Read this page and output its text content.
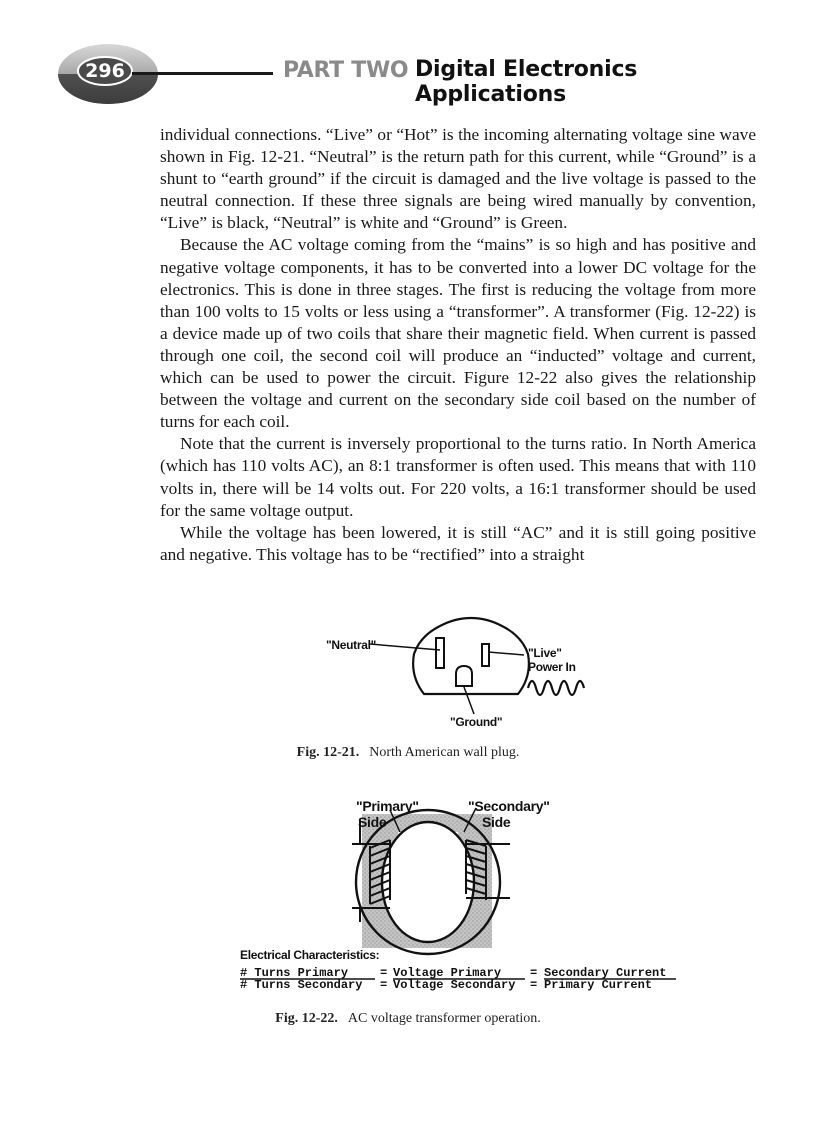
296	PART TWO Digital Electronics Applications

individual connections. “Live” or “Hot” is the incoming alternating voltage sine wave shown in Fig. 12-21. “Neutral” is the return path for this current, while “Ground” is a shunt to “earth ground” if the circuit is damaged and the live voltage is passed to the neutral connection. If these three signals are being wired manually by convention, “Live” is black, “Neutral” is white and “Ground” is Green.

Because the AC voltage coming from the “mains” is so high and has positive and negative voltage components, it has to be converted into a lower DC voltage for the electronics. This is done in three stages. The first is reducing the voltage from more than 100 volts to 15 volts or less using a “transformer”. A transformer (Fig. 12-22) is a device made up of two coils that share their magnetic field. When current is passed through one coil, the second coil will produce an “inducted” voltage and current, which can be used to power the circuit. Figure 12-22 also gives the relationship between the voltage and current on the secondary side coil based on the number of turns for each coil.

Note that the current is inversely proportional to the turns ratio. In North America (which has 110 volts AC), an 8:1 transformer is often used. This means that with 110 volts in, there will be 14 volts out. For 220 volts, a 16:1 transformer should be used for the same voltage output.

While the voltage has been lowered, it is still “AC” and it is still going positive and negative. This voltage has to be “rectified” into a straight

"Neutral"
"Live"
Power In
"Ground"
Fig. 12-21. North American wall plug.
"Primary"
Side
"Secondary"
Side
Electrical Characteristics:
# Turns Primary	= Voltage Primary = Secondary Current
# Turns Secondary = Voltage Secondary = Primary Current
Fig. 12-22. AC voltage transformer operation.
